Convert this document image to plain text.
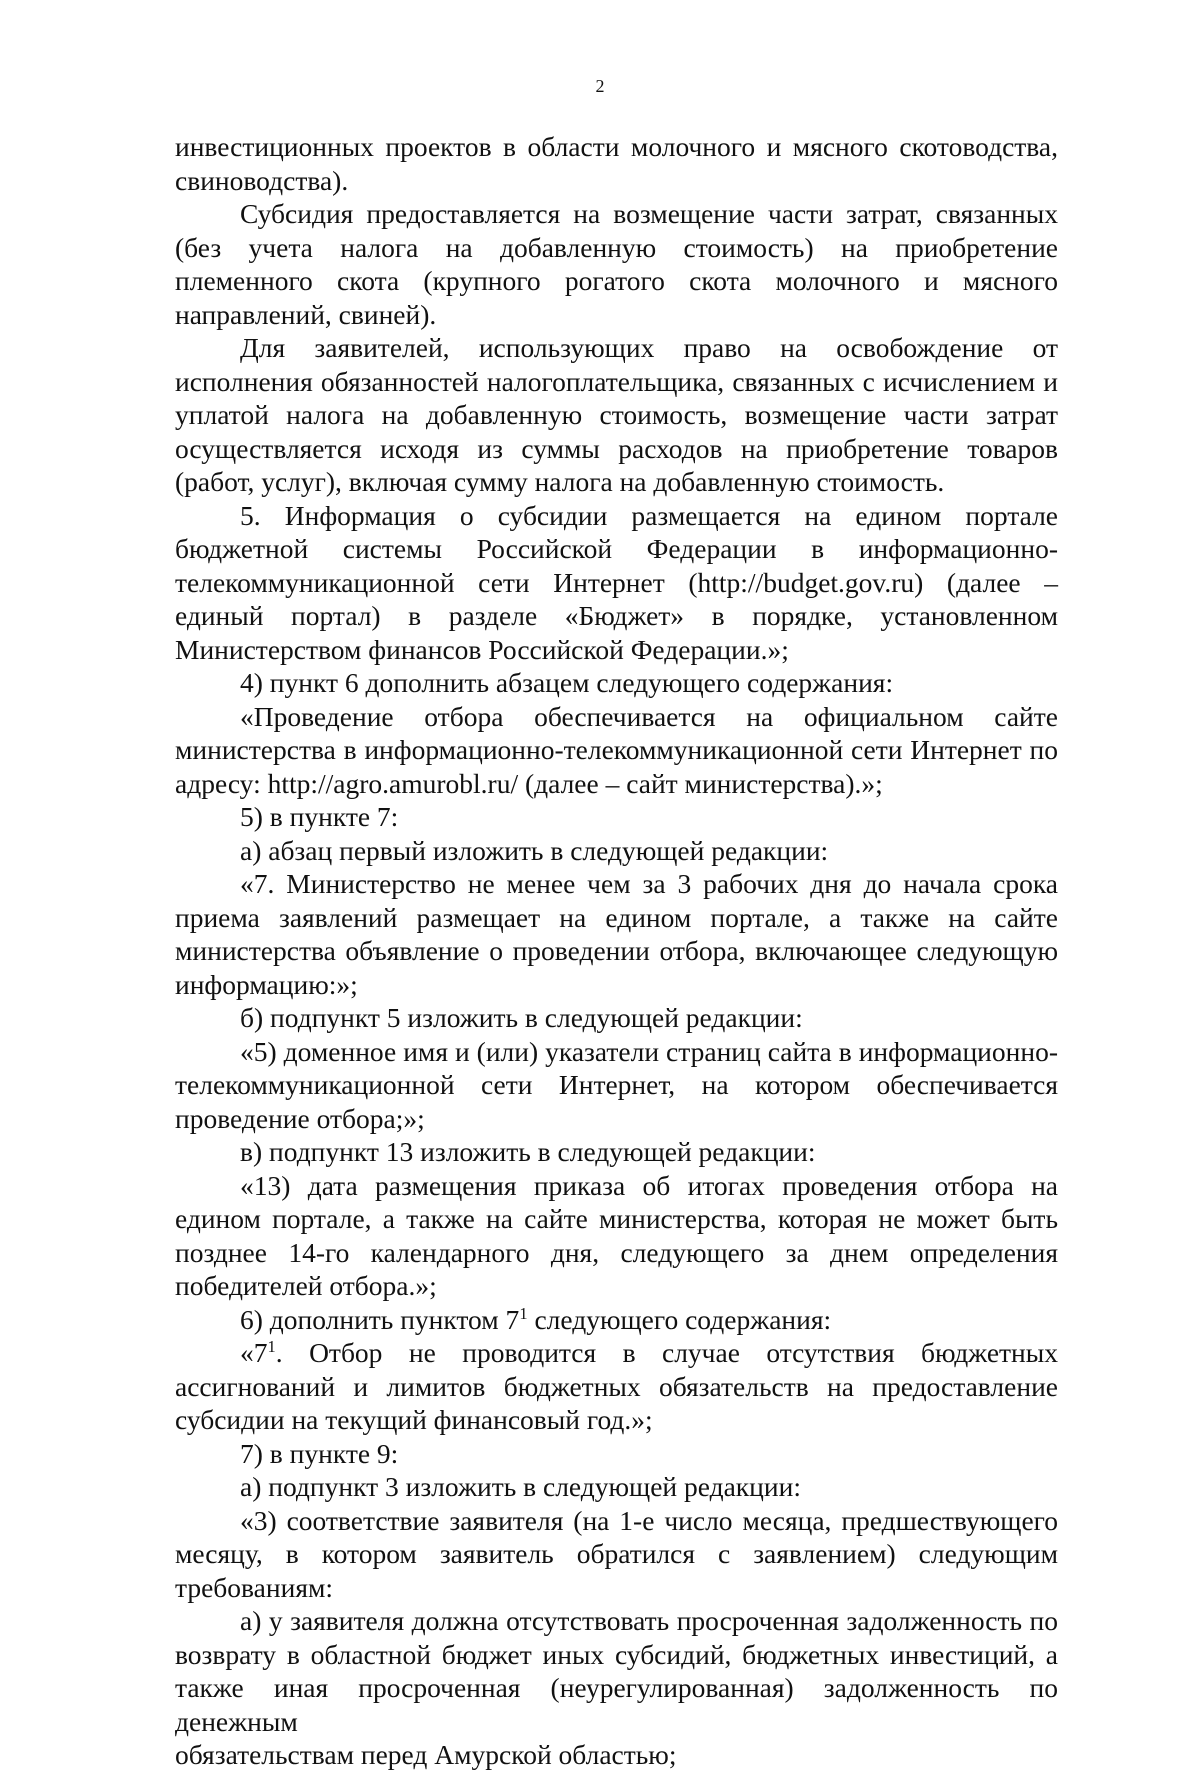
2

инвестиционных проектов в области молочного и мясного скотоводства, свиноводства).

Субсидия предоставляется на возмещение части затрат, связанных (без учета налога на добавленную стоимость) на приобретение племенного скота (крупного рогатого скота молочного и мясного направлений, свиней).

Для заявителей, использующих право на освобождение от исполнения обязанностей налогоплательщика, связанных с исчислением и уплатой налога на добавленную стоимость, возмещение части затрат осуществляется исходя из суммы расходов на приобретение товаров (работ, услуг), включая сумму налога на добавленную стоимость.

5. Информация о субсидии размещается на едином портале бюджетной системы Российской Федерации в информационно-телекоммуникационной сети Интернет (http://budget.gov.ru) (далее – единый портал) в разделе «Бюджет» в порядке, установленном Министерством финансов Российской Федерации.»;

4) пункт 6 дополнить абзацем следующего содержания:

«Проведение отбора обеспечивается на официальном сайте министерства в информационно-телекоммуникационной сети Интернет по адресу: http://agro.amurobl.ru/ (далее – сайт министерства).»;

5) в пункте 7:

а) абзац первый изложить в следующей редакции:

«7. Министерство не менее чем за 3 рабочих дня до начала срока приема заявлений размещает на едином портале, а также на сайте министерства объявление о проведении отбора, включающее следующую информацию:»;

б) подпункт 5 изложить в следующей редакции:

«5) доменное имя и (или) указатели страниц сайта в информационно-телекоммуникационной сети Интернет, на котором обеспечивается проведение отбора;»;

в) подпункт 13 изложить в следующей редакции:

«13) дата размещения приказа об итогах проведения отбора на едином портале, а также на сайте министерства, которая не может быть позднее 14-го календарного дня, следующего за днем определения победителей отбора.»;

6) дополнить пунктом $7^1$ следующего содержания:

«$7^1$. Отбор не проводится в случае отсутствия бюджетных ассигнований и лимитов бюджетных обязательств на предоставление субсидии на текущий финансовый год.»;

7) в пункте 9:

а) подпункт 3 изложить в следующей редакции:

«3) соответствие заявителя (на 1-е число месяца, предшествующего месяцу, в котором заявитель обратился с заявлением) следующим требованиям:

а) у заявителя должна отсутствовать просроченная задолженность по возврату в областной бюджет иных субсидий, бюджетных инвестиций, а также иная просроченная (неурегулированная) задолженность по денежным

обязательствам перед Амурской областью;
